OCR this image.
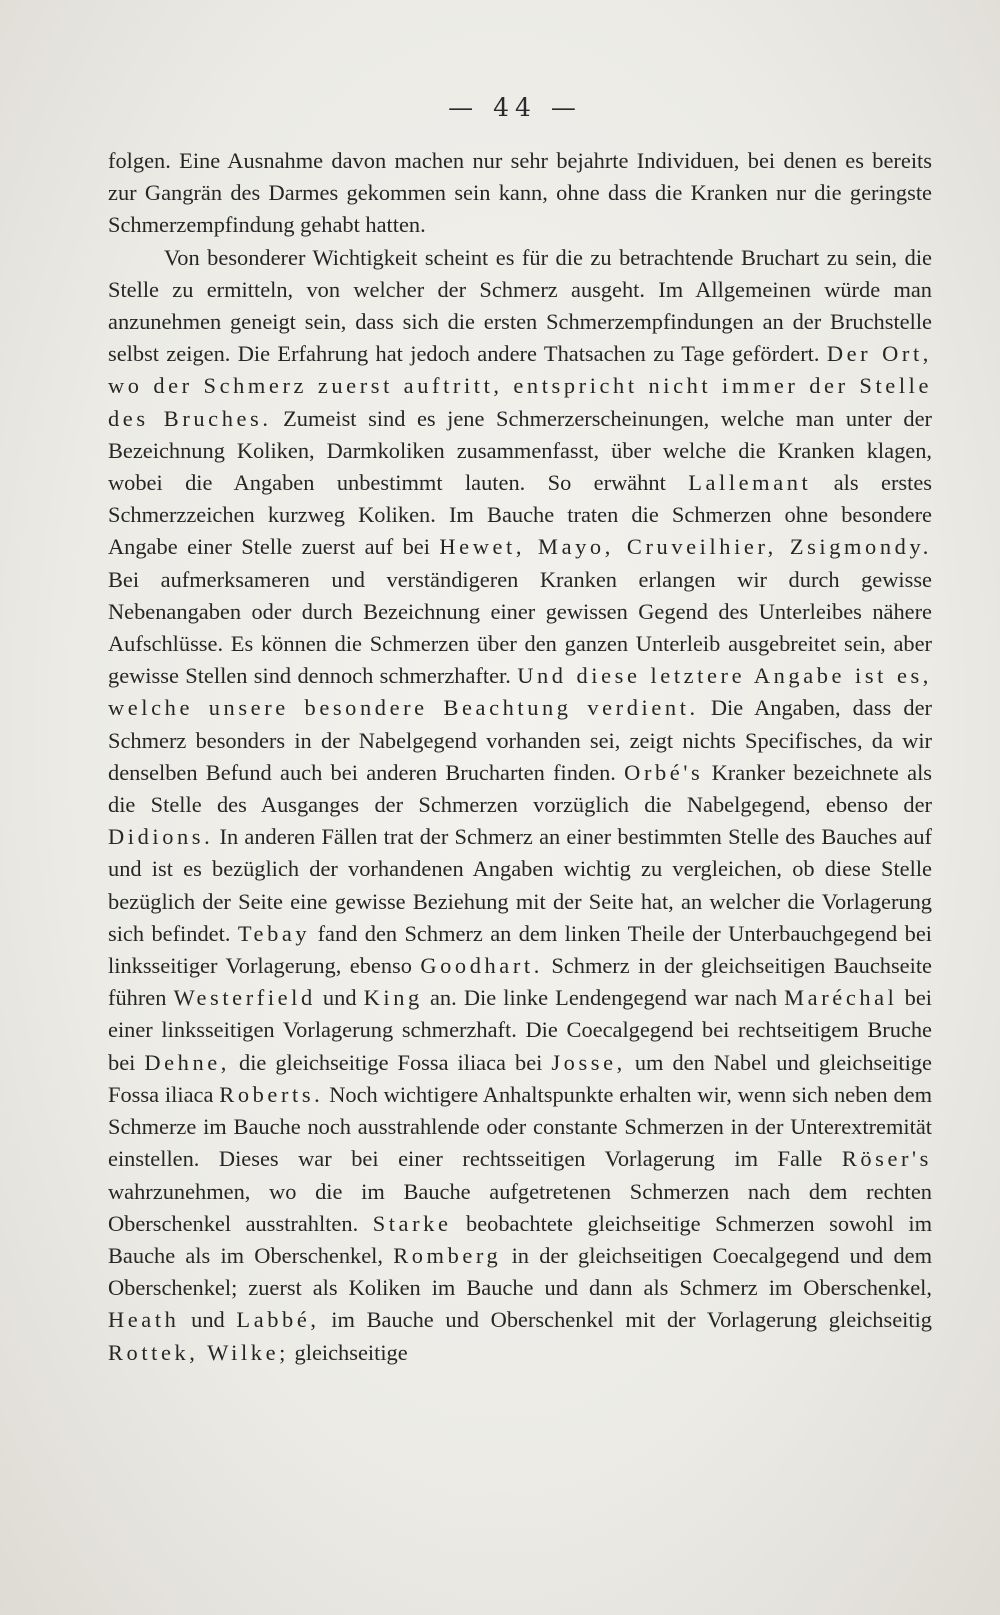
— 44 —

folgen. Eine Ausnahme davon machen nur sehr bejahrte Individuen, bei denen es bereits zur Gangrän des Darmes gekommen sein kann, ohne dass die Kranken nur die geringste Schmerzempfindung gehabt hatten.

Von besonderer Wichtigkeit scheint es für die zu betrachtende Bruchart zu sein, die Stelle zu ermitteln, von welcher der Schmerz ausgeht. Im Allgemeinen würde man anzunehmen geneigt sein, dass sich die ersten Schmerzempfindungen an der Bruchstelle selbst zeigen. Die Erfahrung hat jedoch andere Thatsachen zu Tage gefördert. Der Ort, wo der Schmerz zuerst auftritt, entspricht nicht immer der Stelle des Bruches. Zumeist sind es jene Schmerzerscheinungen, welche man unter der Bezeichnung Koliken, Darmkoliken zusammenfasst, über welche die Kranken klagen, wobei die Angaben unbestimmt lauten. So erwähnt Lallemant als erstes Schmerzzeichen kurzweg Koliken. Im Bauche traten die Schmerzen ohne besondere Angabe einer Stelle zuerst auf bei Hewet, Mayo, Cruveilhier, Zsigmondy. Bei aufmerksameren und verständigeren Kranken erlangen wir durch gewisse Nebenangaben oder durch Bezeichnung einer gewissen Gegend des Unterleibes nähere Aufschlüsse. Es können die Schmerzen über den ganzen Unterleib ausgebreitet sein, aber gewisse Stellen sind dennoch schmerzhafter. Und diese letztere Angabe ist es, welche unsere besondere Beachtung verdient. Die Angaben, dass der Schmerz besonders in der Nabelgegend vorhanden sei, zeigt nichts Specifisches, da wir denselben Befund auch bei anderen Brucharten finden. Orbé's Kranker bezeichnete als die Stelle des Ausganges der Schmerzen vorzüglich die Nabelgegend, ebenso der Didions. In anderen Fällen trat der Schmerz an einer bestimmten Stelle des Bauches auf und ist es bezüglich der vorhandenen Angaben wichtig zu vergleichen, ob diese Stelle bezüglich der Seite eine gewisse Beziehung mit der Seite hat, an welcher die Vorlagerung sich befindet. Tebay fand den Schmerz an dem linken Theile der Unterbauchgegend bei linksseitiger Vorlagerung, ebenso Goodhart. Schmerz in der gleichseitigen Bauchseite führen Westerfield und King an. Die linke Lendengegend war nach Maréchal bei einer linksseitigen Vorlagerung schmerzhaft. Die Coecalgegend bei rechtseitigem Bruche bei Dehne, die gleichseitige Fossa iliaca bei Josse, um den Nabel und gleichseitige Fossa iliaca Roberts. Noch wichtigere Anhaltspunkte erhalten wir, wenn sich neben dem Schmerze im Bauche noch ausstrahlende oder constante Schmerzen in der Unterextremität einstellen. Dieses war bei einer rechtsseitigen Vorlagerung im Falle Röser's wahrzunehmen, wo die im Bauche aufgetretenen Schmerzen nach dem rechten Oberschenkel ausstrahlten. Starke beobachtete gleichseitige Schmerzen sowohl im Bauche als im Oberschenkel, Romberg in der gleichseitigen Coecalgegend und dem Oberschenkel; zuerst als Koliken im Bauche und dann als Schmerz im Oberschenkel, Heath und Labbé, im Bauche und Oberschenkel mit der Vorlagerung gleichseitig Rottek, Wilke; gleichseitige
